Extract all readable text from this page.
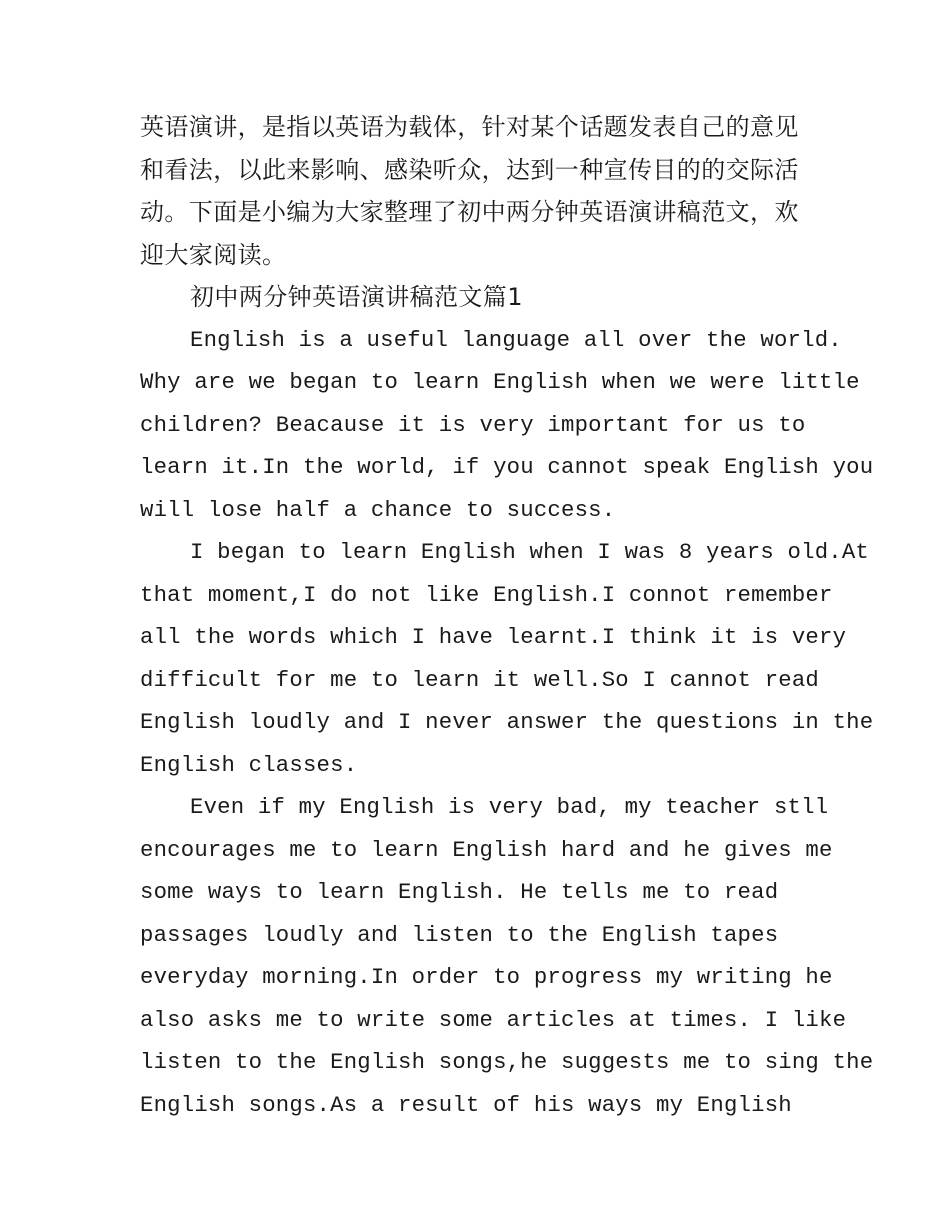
英语演讲，是指以英语为载体，针对某个话题发表自己的意见
和看法，以此来影响、感染听众，达到一种宣传目的的交际活
动。下面是小编为大家整理了初中两分钟英语演讲稿范文，欢
迎大家阅读。
初中两分钟英语演讲稿范文篇1
English is a useful language all over the world.
Why are we began to learn English when we were little
children? Beacause it is very important for us to
learn it.In the world, if you cannot speak English you
will lose half a chance to success.
I began to learn English when I was 8 years old.At
that moment,I do not like English.I connot remember
all the words which I have learnt.I think it is very
difficult for me to learn it well.So I cannot read
English loudly and I never answer the questions in the
English classes.
Even if my English is very bad, my teacher stll
encourages me to learn English hard and he gives me
some ways to learn English. He tells me to read
passages loudly and listen to the English tapes
everyday morning.In order to progress my writing he
also asks me to write some articles at times. I like
listen to the English songs,he suggests me to sing the
English songs.As a result of his ways my English
